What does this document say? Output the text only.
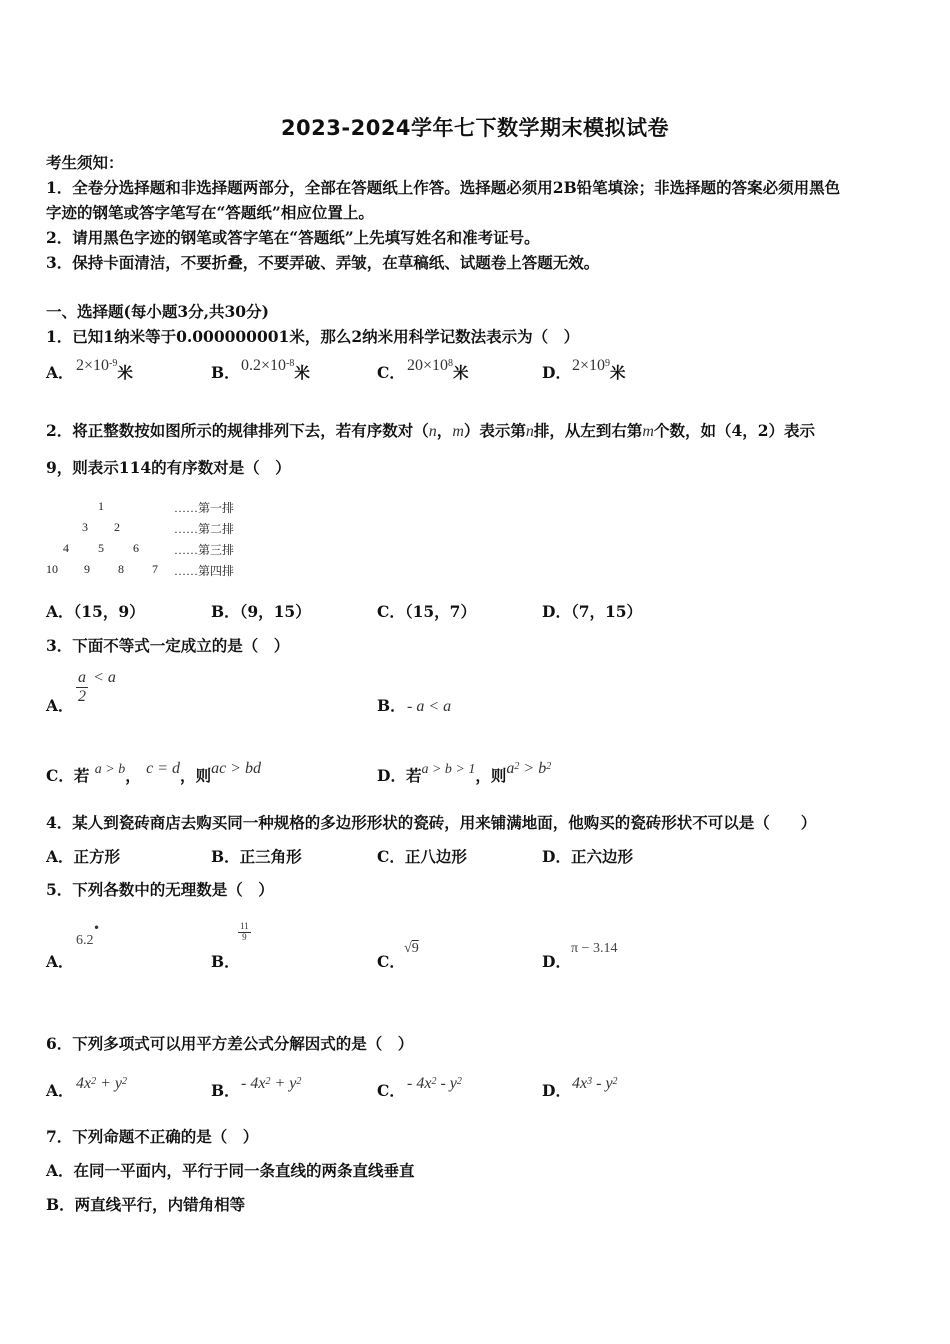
2023-2024学年七下数学期末模拟试卷
考生须知：
1．全卷分选择题和非选择题两部分，全部在答题纸上作答。选择题必须用2B铅笔填涂；非选择题的答案必须用黑色
字迹的钢笔或答字笔写在“答题纸”相应位置上。
2．请用黑色字迹的钢笔或答字笔在“答题纸”上先填写姓名和准考证号。
3．保持卡面清洁，不要折叠，不要弄破、弄皱，在草稿纸、试题卷上答题无效。
一、选择题(每小题3分,共30分)
1．已知1纳米等于0.000000001米，那么2纳米用科学记数法表示为（　）
A． $2\times 10^{-9}$米	B．$0.2\times 10^{-8}$米	C． $20\times 10^8$米	D．$2\times 10^9$米
2．将正整数按如图所示的规律排列下去，若有序数对（n，m）表示第n排，从左到右第m个数，如（4，2）表示
9，则表示114的有序数对是（　）
1	……第一排
3 2	……第二排
4 5 6	……第三排
10 9 8 7 ……第四排
A．（15，9）	B．（9，15）	C．（15，7）	D．（7，15）
3．下面不等式一定成立的是（　）
A．
$\frac{a}{2} < a$
B．- a < a
C．若 a > b， c = d，则ac > bd	D．若a > b > 1，则$a^2 > b^2$
4．某人到瓷砖商店去购买同一种规格的多边形形状的瓷砖，用来铺满地面，他购买的瓷砖形状不可以是（　　）
A．正方形	B．正三角形	C．正八边形	D．正六边形
5．下列各数中的无理数是（　）
A．
6.2
•
B．
$\frac{11}{9}$
C．
√9
D．
π − 3.14
6．下列多项式可以用平方差公式分解因式的是（　）
A． $4x^2 + y^2$	B．- $4x^2 + y^2$	C． - $4x^2 - y^2$	D．$4x^3 - y^2$
7．下列命题不正确的是（　）
A．在同一平面内，平行于同一条直线的两条直线垂直
B．两直线平行，内错角相等
